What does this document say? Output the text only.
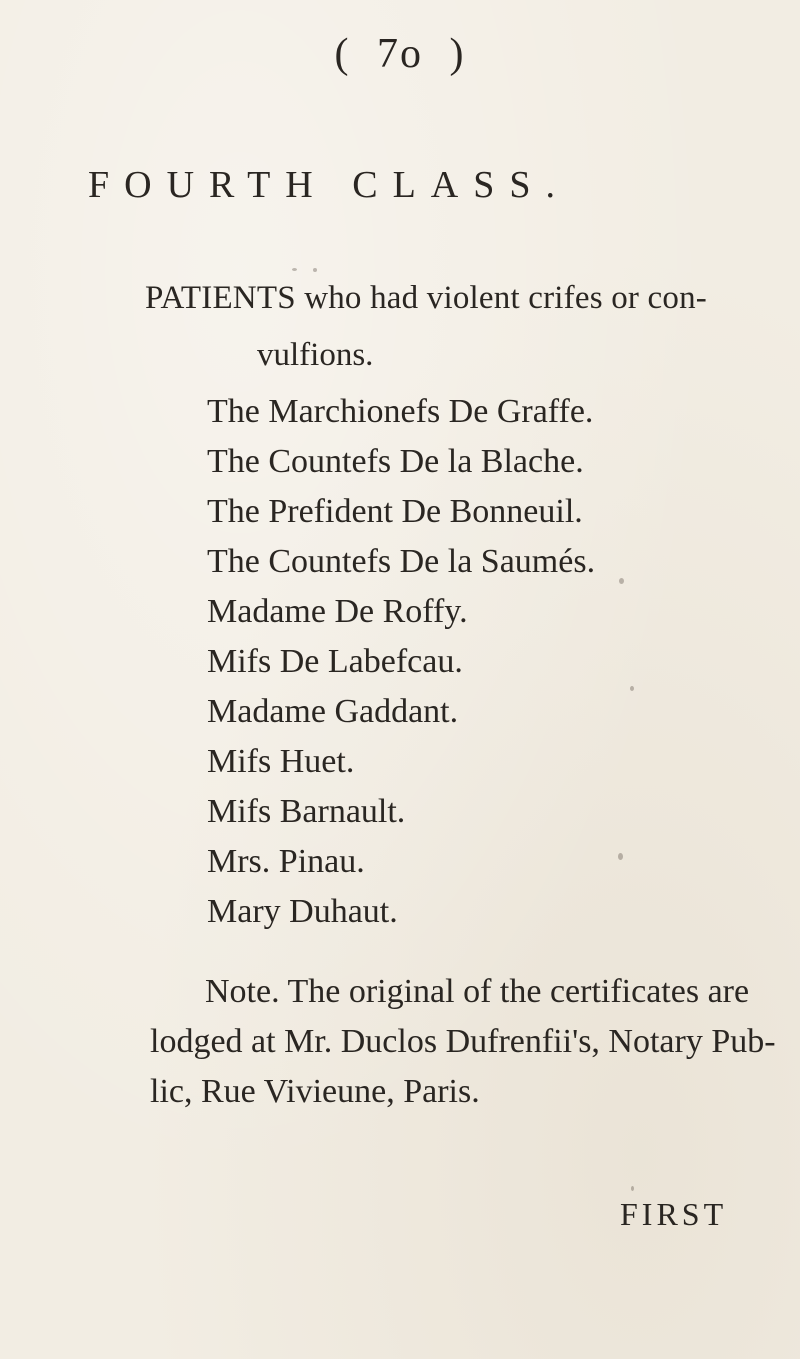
( 7o )
FOURTH CLASS.
PATIENTS who had violent crifes or con-
vulfions.
The Marchionefs De Graffe.
The Countefs De la Blache.
The Prefident De Bonneuil.
The Countefs De la Saumés.
Madame De Roffy.
Mifs De Labefcau.
Madame Gaddant.
Mifs Huet.
Mifs Barnault.
Mrs. Pinau.
Mary Duhaut.
Note. The original of the certificates are
lodged at Mr. Duclos Dufrenfii's, Notary Pub-
lic, Rue Vivieune, Paris.
FIRST
